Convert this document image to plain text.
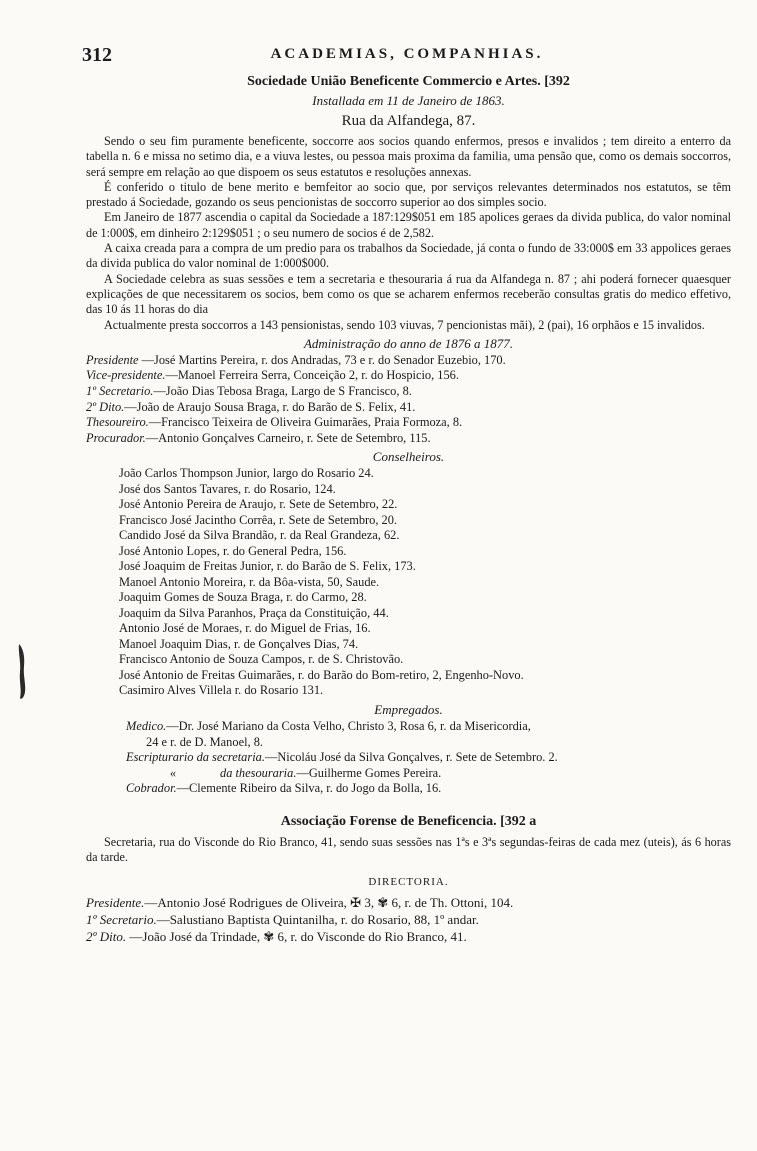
312	ACADEMIAS, COMPANHIAS.

Sociedade União Beneficente Commercio e Artes. [392

Installada em 11 de Janeiro de 1863.

Rua da Alfandega, 87.

Sendo o seu fim puramente beneficente, soccorre aos socios quando enfermos, presos e invalidos ; tem direito a enterro da tabella n. 6 e missa no setimo dia, e a viuva lestes, ou pessoa mais proxima da familia, uma pensão que, como os demais soccorros, será sempre em relação ao que dispoem os seus estatutos e resoluções annexas.

É conferido o titulo de bene merito e bemfeitor ao socio que, por serviços relevantes determinados nos estatutos, se têm prestado á Sociedade, gozando os seus pencionistas de soccorro superior ao dos simples socio.

Em Janeiro de 1877 ascendia o capital da Sociedade a 187:129$051 em 185 apolices geraes da divida publica, do valor nominal de 1:000$, em dinheiro 2:129$051 ; o seu numero de socios é de 2,582.

A caixa creada para a compra de um predio para os trabalhos da Sociedade, já conta o fundo de 33:000$ em 33 appolices geraes da divida publica do valor nominal de 1:000$000.

A Sociedade celebra as suas sessões e tem a secretaria e thesouraria á rua da Alfandega n. 87 ; ahi poderá fornecer quaesquer explicações de que necessitarem os socios, bem como os que se acharem enfermos receberão consultas gratis do medico effetivo, das 10 ás 11 horas do dia

Actualmente presta soccorros a 143 pensionistas, sendo 103 viuvas, 7 pencionistas mãi), 2 (pai), 16 orphãos e 15 invalidos.

Administração do anno de 1876 a 1877.

Presidente —José Martins Pereira, r. dos Andradas, 73 e r. do Senador Euzebio, 170.

Vice-presidente.—Manoel Ferreira Serra, Conceição 2, r. do Hospicio, 156.

1º Secretario.—João Dias Tebosa Braga, Largo de S Francisco, 8.

2º Dito.—João de Araujo Sousa Braga, r. do Barão de S. Felix, 41.

Thesoureiro.—Francisco Teixeira de Oliveira Guimarães, Praia Formoza, 8.

Procurador.—Antonio Gonçalves Carneiro, r. Sete de Setembro, 115.

Conselheiros.

João Carlos Thompson Junior, largo do Rosario 24.

José dos Santos Tavares, r. do Rosario, 124.

José Antonio Pereira de Araujo, r. Sete de Setembro, 22.

Francisco José Jacintho Corrêa, r. Sete de Setembro, 20.

Candido José da Silva Brandão, r. da Real Grandeza, 62.

José Antonio Lopes, r. do General Pedra, 156.

José Joaquim de Freitas Junior, r. do Barão de S. Felix, 173.

Manoel Antonio Moreira, r. da Bôa-vista, 50, Saude.

Joaquim Gomes de Souza Braga, r. do Carmo, 28.

Joaquim da Silva Paranhos, Praça da Constituição, 44.

Antonio José de Moraes, r. do Miguel de Frias, 16.

Manoel Joaquim Dias, r. de Gonçalves Dias, 74.

Francisco Antonio de Souza Campos, r. de S. Christovão.

José Antonio de Freitas Guimarães, r. do Barão do Bom-retiro, 2, Engenho-Novo.

Casimiro Alves Villela r. do Rosario 131.

Empregados.

Medico.—Dr. José Mariano da Costa Velho, Christo 3, Rosa 6, r. da Misericordia,

24 e r. de D. Manoel, 8.

Escripturario da secretaria.—Nicoláu José da Silva Gonçalves, r. Sete de Setembro. 2.

«	da thesouraria.—Guilherme Gomes Pereira.

Cobrador.—Clemente Ribeiro da Silva, r. do Jogo da Bolla, 16.

Associação Forense de Beneficencia. [392 a

Secretaria, rua do Visconde do Rio Branco, 41, sendo suas sessões nas 1ªs e 3ªs segundas-feiras de cada mez (uteis), ás 6 horas da tarde.

DIRECTORIA.

Presidente.—Antonio José Rodrigues de Oliveira, ✠ 3, ✾ 6, r. de Th. Ottoni, 104.

1º Secretario.—Salustiano Baptista Quintanilha, r. do Rosario, 88, 1º andar.

2º Dito. —João José da Trindade, ✾ 6, r. do Visconde do Rio Branco, 41.
